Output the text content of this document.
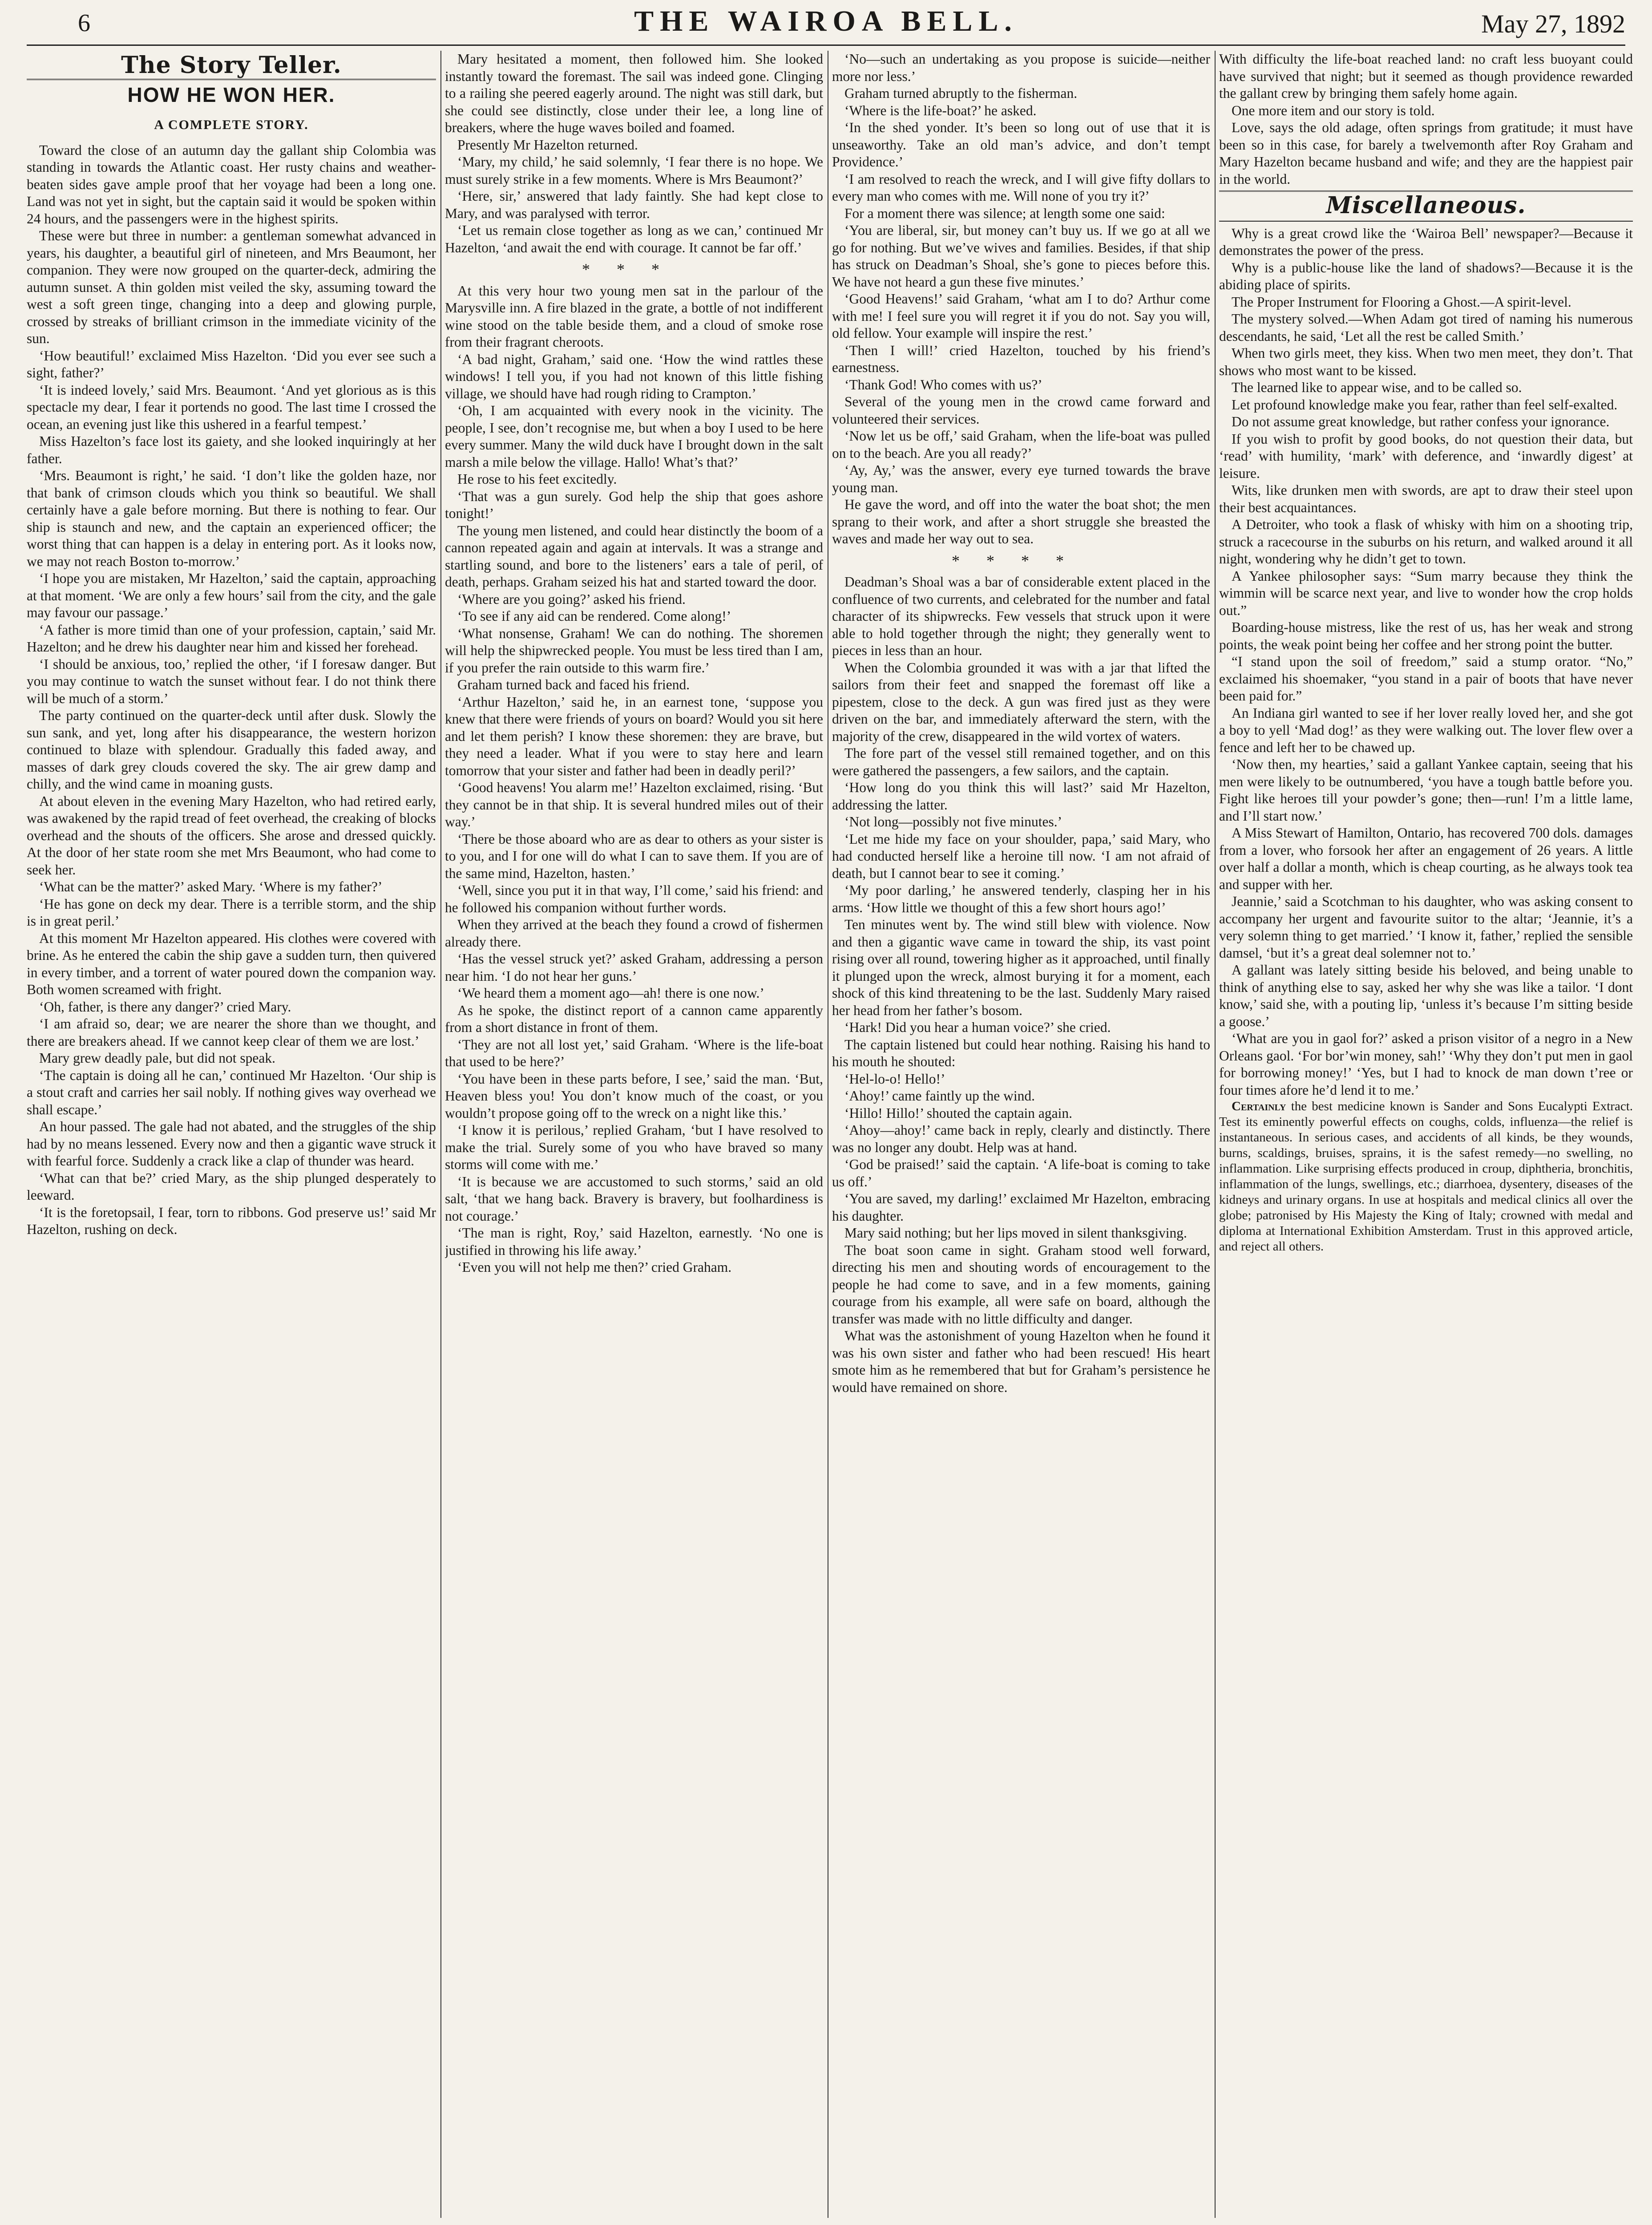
6	THE WAIROA BELL.	May 27, 1892
The Story Teller.
HOW HE WON HER.
A COMPLETE STORY.

Toward the close of an autumn day the gallant ship Colombia was standing in towards the Atlantic coast. Her rusty chains and weather-beaten sides gave ample proof that her voyage had been a long one. Land was not yet in sight, but the captain said it would be spoken within 24 hours, and the passengers were in the highest spirits.

These were but three in number: a gentleman somewhat advanced in years, his daughter, a beautiful girl of nineteen, and Mrs Beaumont, her companion. They were now grouped on the quarter-deck, admiring the autumn sunset. A thin golden mist veiled the sky, assuming toward the west a soft green tinge, changing into a deep and glowing purple, crossed by streaks of brilliant crimson in the immediate vicinity of the sun.

‘How beautiful!’ exclaimed Miss Hazelton. ‘Did you ever see such a sight, father?’

‘It is indeed lovely,’ said Mrs. Beaumont. ‘And yet glorious as is this spectacle my dear, I fear it portends no good. The last time I crossed the ocean, an evening just like this ushered in a fearful tempest.’

Miss Hazelton’s face lost its gaiety, and she looked inquiringly at her father.

‘Mrs. Beaumont is right,’ he said. ‘I don’t like the golden haze, nor that bank of crimson clouds which you think so beautiful. We shall certainly have a gale before morning. But there is nothing to fear. Our ship is staunch and new, and the captain an experienced officer; the worst thing that can happen is a delay in entering port. As it looks now, we may not reach Boston to-morrow.’

‘I hope you are mistaken, Mr Hazelton,’ said the captain, approaching at that moment. ‘We are only a few hours’ sail from the city, and the gale may favour our passage.’

‘A father is more timid than one of your profession, captain,’ said Mr. Hazelton; and he drew his daughter near him and kissed her forehead.

‘I should be anxious, too,’ replied the other, ‘if I foresaw danger. But you may continue to watch the sunset without fear. I do not think there will be much of a storm.’

The party continued on the quarter-deck until after dusk. Slowly the sun sank, and yet, long after his disappearance, the western horizon continued to blaze with splendour. Gradually this faded away, and masses of dark grey clouds covered the sky. The air grew damp and chilly, and the wind came in moaning gusts.

At about eleven in the evening Mary Hazelton, who had retired early, was awakened by the rapid tread of feet overhead, the creaking of blocks overhead and the shouts of the officers. She arose and dressed quickly. At the door of her state room she met Mrs Beaumont, who had come to seek her.

‘What can be the matter?’ asked Mary. ‘Where is my father?’

‘He has gone on deck my dear. There is a terrible storm, and the ship is in great peril.’

At this moment Mr Hazelton appeared. His clothes were covered with brine. As he entered the cabin the ship gave a sudden turn, then quivered in every timber, and a torrent of water poured down the companion way. Both women screamed with fright.

‘Oh, father, is there any danger?’ cried Mary.

‘I am afraid so, dear; we are nearer the shore than we thought, and there are breakers ahead. If we cannot keep clear of them we are lost.’

Mary grew deadly pale, but did not speak.

‘The captain is doing all he can,’ continued Mr Hazelton. ‘Our ship is a stout craft and carries her sail nobly. If nothing gives way overhead we shall escape.’

An hour passed. The gale had not abated, and the struggles of the ship had by no means lessened. Every now and then a gigantic wave struck it with fearful force. Suddenly a crack like a clap of thunder was heard.

‘What can that be?’ cried Mary, as the ship plunged desperately to leeward.

‘It is the foretopsail, I fear, torn to ribbons. God preserve us!’ said Mr Hazelton, rushing on deck.

Mary hesitated a moment, then followed him. She looked instantly toward the foremast. The sail was indeed gone. Clinging to a railing she peered eagerly around. The night was still dark, but she could see distinctly, close under their lee, a long line of breakers, where the huge waves boiled and foamed.

Presently Mr Hazelton returned.

‘Mary, my child,’ he said solemnly, ‘I fear there is no hope. We must surely strike in a few moments. Where is Mrs Beaumont?’

‘Here, sir,’ answered that lady faintly. She had kept close to Mary, and was paralysed with terror.

‘Let us remain close together as long as we can,’ continued Mr Hazelton, ‘and await the end with courage. It cannot be far off.’

***

At this very hour two young men sat in the parlour of the Marysville inn. A fire blazed in the grate, a bottle of not indifferent wine stood on the table beside them, and a cloud of smoke rose from their fragrant cheroots.

‘A bad night, Graham,’ said one. ‘How the wind rattles these windows! I tell you, if you had not known of this little fishing village, we should have had rough riding to Crampton.’

‘Oh, I am acquainted with every nook in the vicinity. The people, I see, don’t recognise me, but when a boy I used to be here every summer. Many the wild duck have I brought down in the salt marsh a mile below the village. Hallo! What’s that?’

He rose to his feet excitedly.

‘That was a gun surely. God help the ship that goes ashore tonight!’

The young men listened, and could hear distinctly the boom of a cannon repeated again and again at intervals. It was a strange and startling sound, and bore to the listeners’ ears a tale of peril, of death, perhaps. Graham seized his hat and started toward the door.

‘Where are you going?’ asked his friend.

‘To see if any aid can be rendered. Come along!’

‘What nonsense, Graham! We can do nothing. The shoremen will help the shipwrecked people. You must be less tired than I am, if you prefer the rain outside to this warm fire.’

Graham turned back and faced his friend.

‘Arthur Hazelton,’ said he, in an earnest tone, ‘suppose you knew that there were friends of yours on board? Would you sit here and let them perish? I know these shoremen: they are brave, but they need a leader. What if you were to stay here and learn tomorrow that your sister and father had been in deadly peril?’

‘Good heavens! You alarm me!’ Hazelton exclaimed, rising. ‘But they cannot be in that ship. It is several hundred miles out of their way.’

‘There be those aboard who are as dear to others as your sister is to you, and I for one will do what I can to save them. If you are of the same mind, Hazelton, hasten.’

‘Well, since you put it in that way, I’ll come,’ said his friend: and he followed his companion without further words.

When they arrived at the beach they found a crowd of fishermen already there.

‘Has the vessel struck yet?’ asked Graham, addressing a person near him. ‘I do not hear her guns.’

‘We heard them a moment ago—ah! there is one now.’

As he spoke, the distinct report of a cannon came apparently from a short distance in front of them.

‘They are not all lost yet,’ said Graham. ‘Where is the life-boat that used to be here?’

‘You have been in these parts before, I see,’ said the man. ‘But, Heaven bless you! You don’t know much of the coast, or you wouldn’t propose going off to the wreck on a night like this.’

‘I know it is perilous,’ replied Graham, ‘but I have resolved to make the trial. Surely some of you who have braved so many storms will come with me.’

‘It is because we are accustomed to such storms,’ said an old salt, ‘that we hang back. Bravery is bravery, but foolhardiness is not courage.’

‘The man is right, Roy,’ said Hazelton, earnestly. ‘No one is justified in throwing his life away.’

‘Even you will not help me then?’ cried Graham.

‘No—such an undertaking as you propose is suicide—neither more nor less.’

Graham turned abruptly to the fisherman.

‘Where is the life-boat?’ he asked.

‘In the shed yonder. It’s been so long out of use that it is unseaworthy. Take an old man’s advice, and don’t tempt Providence.’

‘I am resolved to reach the wreck, and I will give fifty dollars to every man who comes with me. Will none of you try it?’

For a moment there was silence; at length some one said:

‘You are liberal, sir, but money can’t buy us. If we go at all we go for nothing. But we’ve wives and families. Besides, if that ship has struck on Deadman’s Shoal, she’s gone to pieces before this. We have not heard a gun these five minutes.’

‘Good Heavens!’ said Graham, ‘what am I to do? Arthur come with me! I feel sure you will regret it if you do not. Say you will, old fellow. Your example will inspire the rest.’

‘Then I will!’ cried Hazelton, touched by his friend’s earnestness.

‘Thank God! Who comes with us?’

Several of the young men in the crowd came forward and volunteered their services.

‘Now let us be off,’ said Graham, when the life-boat was pulled on to the beach. Are you all ready?’

‘Ay, Ay,’ was the answer, every eye turned towards the brave young man.

He gave the word, and off into the water the boat shot; the men sprang to their work, and after a short struggle she breasted the waves and made her way out to sea.

****

Deadman’s Shoal was a bar of considerable extent placed in the confluence of two currents, and celebrated for the number and fatal character of its shipwrecks. Few vessels that struck upon it were able to hold together through the night; they generally went to pieces in less than an hour.

When the Colombia grounded it was with a jar that lifted the sailors from their feet and snapped the foremast off like a pipestem, close to the deck. A gun was fired just as they were driven on the bar, and immediately afterward the stern, with the majority of the crew, disappeared in the wild vortex of waters.

The fore part of the vessel still remained together, and on this were gathered the passengers, a few sailors, and the captain.

‘How long do you think this will last?’ said Mr Hazelton, addressing the latter.

‘Not long—possibly not five minutes.’

‘Let me hide my face on your shoulder, papa,’ said Mary, who had conducted herself like a heroine till now. ‘I am not afraid of death, but I cannot bear to see it coming.’

‘My poor darling,’ he answered tenderly, clasping her in his arms. ‘How little we thought of this a few short hours ago!’

Ten minutes went by. The wind still blew with violence. Now and then a gigantic wave came in toward the ship, its vast point rising over all round, towering higher as it approached, until finally it plunged upon the wreck, almost burying it for a moment, each shock of this kind threatening to be the last. Suddenly Mary raised her head from her father’s bosom.

‘Hark! Did you hear a human voice?’ she cried.

The captain listened but could hear nothing. Raising his hand to his mouth he shouted:

‘Hel-lo-o! Hello!’

‘Ahoy!’ came faintly up the wind.

‘Hillo! Hillo!’ shouted the captain again.

‘Ahoy—ahoy!’ came back in reply, clearly and distinctly. There was no longer any doubt. Help was at hand.

‘God be praised!’ said the captain. ‘A life-boat is coming to take us off.’

‘You are saved, my darling!’ exclaimed Mr Hazelton, embracing his daughter.

Mary said nothing; but her lips moved in silent thanksgiving.

The boat soon came in sight. Graham stood well forward, directing his men and shouting words of encouragement to the people he had come to save, and in a few moments, gaining courage from his example, all were safe on board, although the transfer was made with no little difficulty and danger.

What was the astonishment of young Hazelton when he found it was his own sister and father who had been rescued! His heart smote him as he remembered that but for Graham’s persistence he would have remained on shore.

With difficulty the life-boat reached land: no craft less buoyant could have survived that night; but it seemed as though providence rewarded the gallant crew by bringing them safely home again.

One more item and our story is told.

Love, says the old adage, often springs from gratitude; it must have been so in this case, for barely a twelvemonth after Roy Graham and Mary Hazelton became husband and wife; and they are the happiest pair in the world.

Miscellaneous.

Why is a great crowd like the ‘Wairoa Bell’ newspaper?—Because it demonstrates the power of the press.

Why is a public-house like the land of shadows?—Because it is the abiding place of spirits.

The Proper Instrument for Flooring a Ghost.—A spirit-level.

The mystery solved.—When Adam got tired of naming his numerous descendants, he said, ‘Let all the rest be called Smith.’

When two girls meet, they kiss. When two men meet, they don’t. That shows who most want to be kissed.

The learned like to appear wise, and to be called so.

Let profound knowledge make you fear, rather than feel self-exalted.

Do not assume great knowledge, but rather confess your ignorance.

If you wish to profit by good books, do not question their data, but ‘read’ with humility, ‘mark’ with deference, and ‘inwardly digest’ at leisure.

Wits, like drunken men with swords, are apt to draw their steel upon their best acquaintances.

A Detroiter, who took a flask of whisky with him on a shooting trip, struck a racecourse in the suburbs on his return, and walked around it all night, wondering why he didn’t get to town.

A Yankee philosopher says: “Sum marry because they think the wimmin will be scarce next year, and live to wonder how the crop holds out.”

Boarding-house mistress, like the rest of us, has her weak and strong points, the weak point being her coffee and her strong point the butter.

“I stand upon the soil of freedom,” said a stump orator. “No,” exclaimed his shoemaker, “you stand in a pair of boots that have never been paid for.”

An Indiana girl wanted to see if her lover really loved her, and she got a boy to yell ‘Mad dog!’ as they were walking out. The lover flew over a fence and left her to be chawed up.

‘Now then, my hearties,’ said a gallant Yankee captain, seeing that his men were likely to be outnumbered, ‘you have a tough battle before you. Fight like heroes till your powder’s gone; then—run! I’m a little lame, and I’ll start now.’

A Miss Stewart of Hamilton, Ontario, has recovered 700 dols. damages from a lover, who forsook her after an engagement of 26 years. A little over half a dollar a month, which is cheap courting, as he always took tea and supper with her.

Jeannie,’ said a Scotchman to his daughter, who was asking consent to accompany her urgent and favourite suitor to the altar; ‘Jeannie, it’s a very solemn thing to get married.’ ‘I know it, father,’ replied the sensible damsel, ‘but it’s a great deal solemner not to.’

A gallant was lately sitting beside his beloved, and being unable to think of anything else to say, asked her why she was like a tailor. ‘I dont know,’ said she, with a pouting lip, ‘unless it’s because I’m sitting beside a goose.’

‘What are you in gaol for?’ asked a prison visitor of a negro in a New Orleans gaol. ‘For bor’win money, sah!’ ‘Why they don’t put men in gaol for borrowing money!’ ‘Yes, but I had to knock de man down t’ree or four times afore he’d lend it to me.’

Certainly the best medicine known is Sander and Sons Eucalypti Extract. Test its eminently powerful effects on coughs, colds, influenza—the relief is instantaneous. In serious cases, and accidents of all kinds, be they wounds, burns, scaldings, bruises, sprains, it is the safest remedy—no swelling, no inflammation. Like surprising effects produced in croup, diphtheria, bronchitis, inflammation of the lungs, swellings, etc.; diarrhoea, dysentery, diseases of the kidneys and urinary organs. In use at hospitals and medical clinics all over the globe; patronised by His Majesty the King of Italy; crowned with medal and diploma at International Exhibition Amsterdam. Trust in this approved article, and reject all others.
